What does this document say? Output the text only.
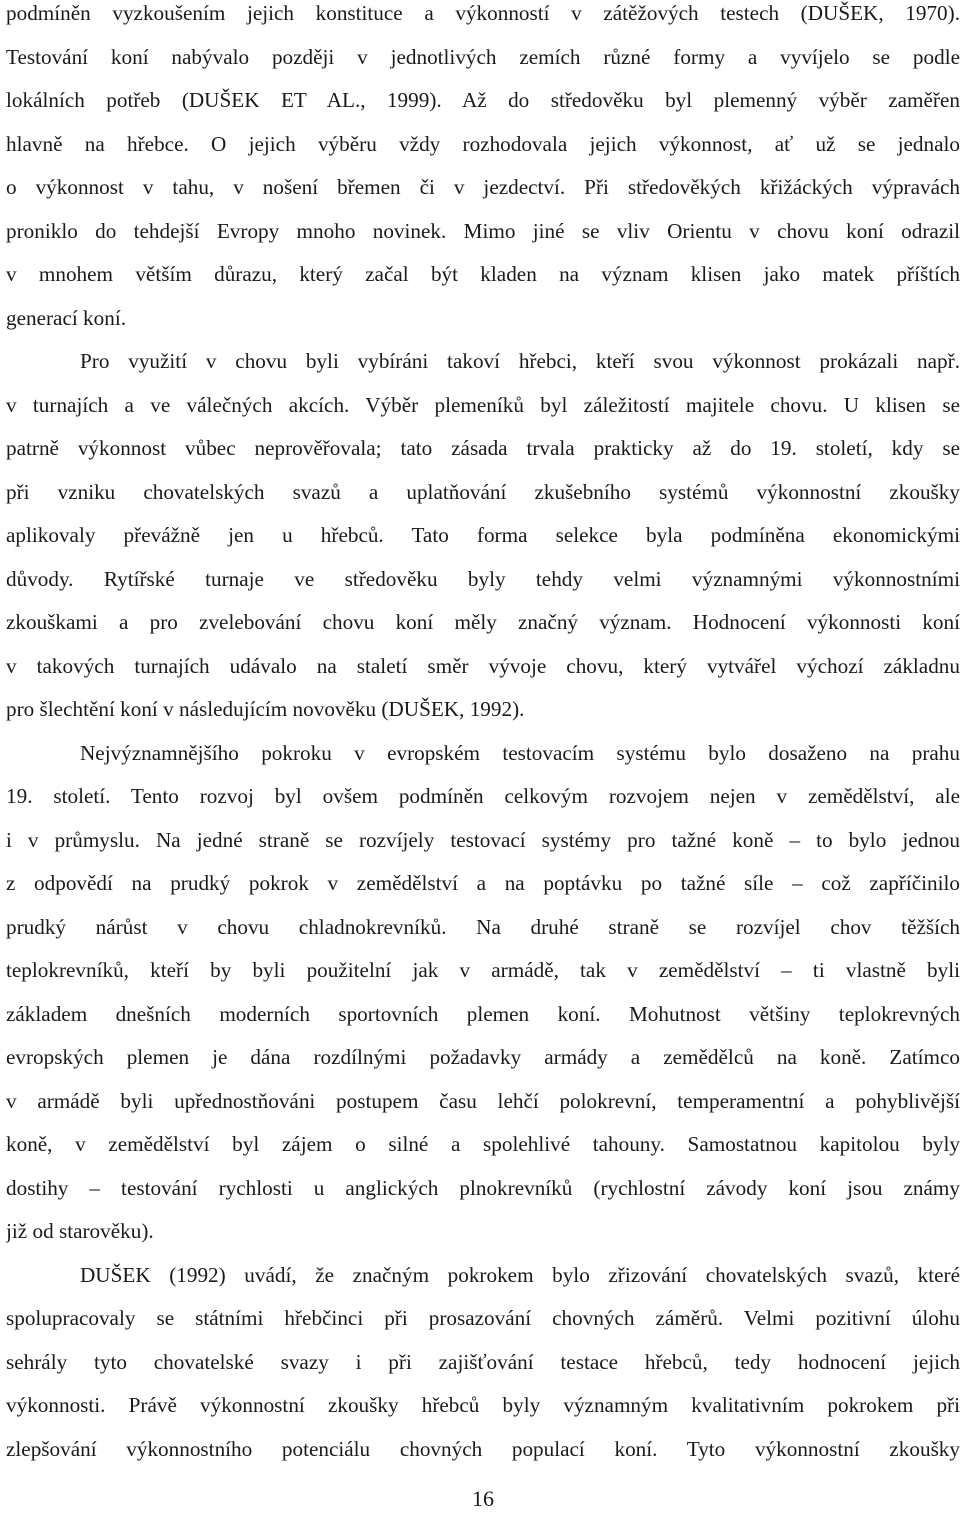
podmíněn vyzkoušením jejich konstituce a výkonností v zátěžových testech (DUŠEK, 1970).
Testování koní nabývalo později v jednotlivých zemích různé formy a vyvíjelo se podle
lokálních potřeb (DUŠEK ET AL., 1999). Až do středověku byl plemenný výběr zaměřen
hlavně na hřebce. O jejich výběru vždy rozhodovala jejich výkonnost, ať už se jednalo
o výkonnost v tahu, v nošení břemen či v jezdectví. Při středověkých křižáckých výpravách
proniklo do tehdejší Evropy mnoho novinek. Mimo jiné se vliv Orientu v chovu koní odrazil
v mnohem větším důrazu, který začal být kladen na význam klisen jako matek příštích
generací koní.
Pro využití v chovu byli vybíráni takoví hřebci, kteří svou výkonnost prokázali např.
v turnajích a ve válečných akcích. Výběr plemeníků byl záležitostí majitele chovu. U klisen se
patrně výkonnost vůbec neprověřovala; tato zásada trvala prakticky až do 19. století, kdy se
při vzniku chovatelských svazů a uplatňování zkušebního systémů výkonnostní zkoušky
aplikovaly převážně jen u hřebců. Tato forma selekce byla podmíněna ekonomickými
důvody. Rytířské turnaje ve středověku byly tehdy velmi významnými výkonnostními
zkouškami a pro zvelebování chovu koní měly značný význam. Hodnocení výkonnosti koní
v takových turnajích udávalo na staletí směr vývoje chovu, který vytvářel výchozí základnu
pro šlechtění koní v následujícím novověku (DUŠEK, 1992).
Nejvýznamnějšího pokroku v evropském testovacím systému bylo dosaženo na prahu
19. století. Tento rozvoj byl ovšem podmíněn celkovým rozvojem nejen v zemědělství, ale
i v průmyslu. Na jedné straně se rozvíjely testovací systémy pro tažné koně – to bylo jednou
z odpovědí na prudký pokrok v zemědělství a na poptávku po tažné síle – což zapříčinilo
prudký nárůst v chovu chladnokrevníků. Na druhé straně se rozvíjel chov těžších
teplokrevníků, kteří by byli použitelní jak v armádě, tak v zemědělství – ti vlastně byli
základem dnešních moderních sportovních plemen koní. Mohutnost většiny teplokrevných
evropských plemen je dána rozdílnými požadavky armády a zemědělců na koně. Zatímco
v armádě byli upřednostňováni postupem času lehčí polokrevní, temperamentní a pohyblivější
koně, v zemědělství byl zájem o silné a spolehlivé tahouny. Samostatnou kapitolou byly
dostihy – testování rychlosti u anglických plnokrevníků (rychlostní závody koní jsou známy
již od starověku).
DUŠEK (1992) uvádí, že značným pokrokem bylo zřizování chovatelských svazů, které
spolupracovaly se státními hřebčinci při prosazování chovných záměrů. Velmi pozitivní úlohu
sehrály tyto chovatelské svazy i při zajišťování testace hřebců, tedy hodnocení jejich
výkonnosti. Právě výkonnostní zkoušky hřebců byly významným kvalitativním pokrokem při
zlepšování výkonnostního potenciálu chovných populací koní. Tyto výkonnostní zkoušky
16
